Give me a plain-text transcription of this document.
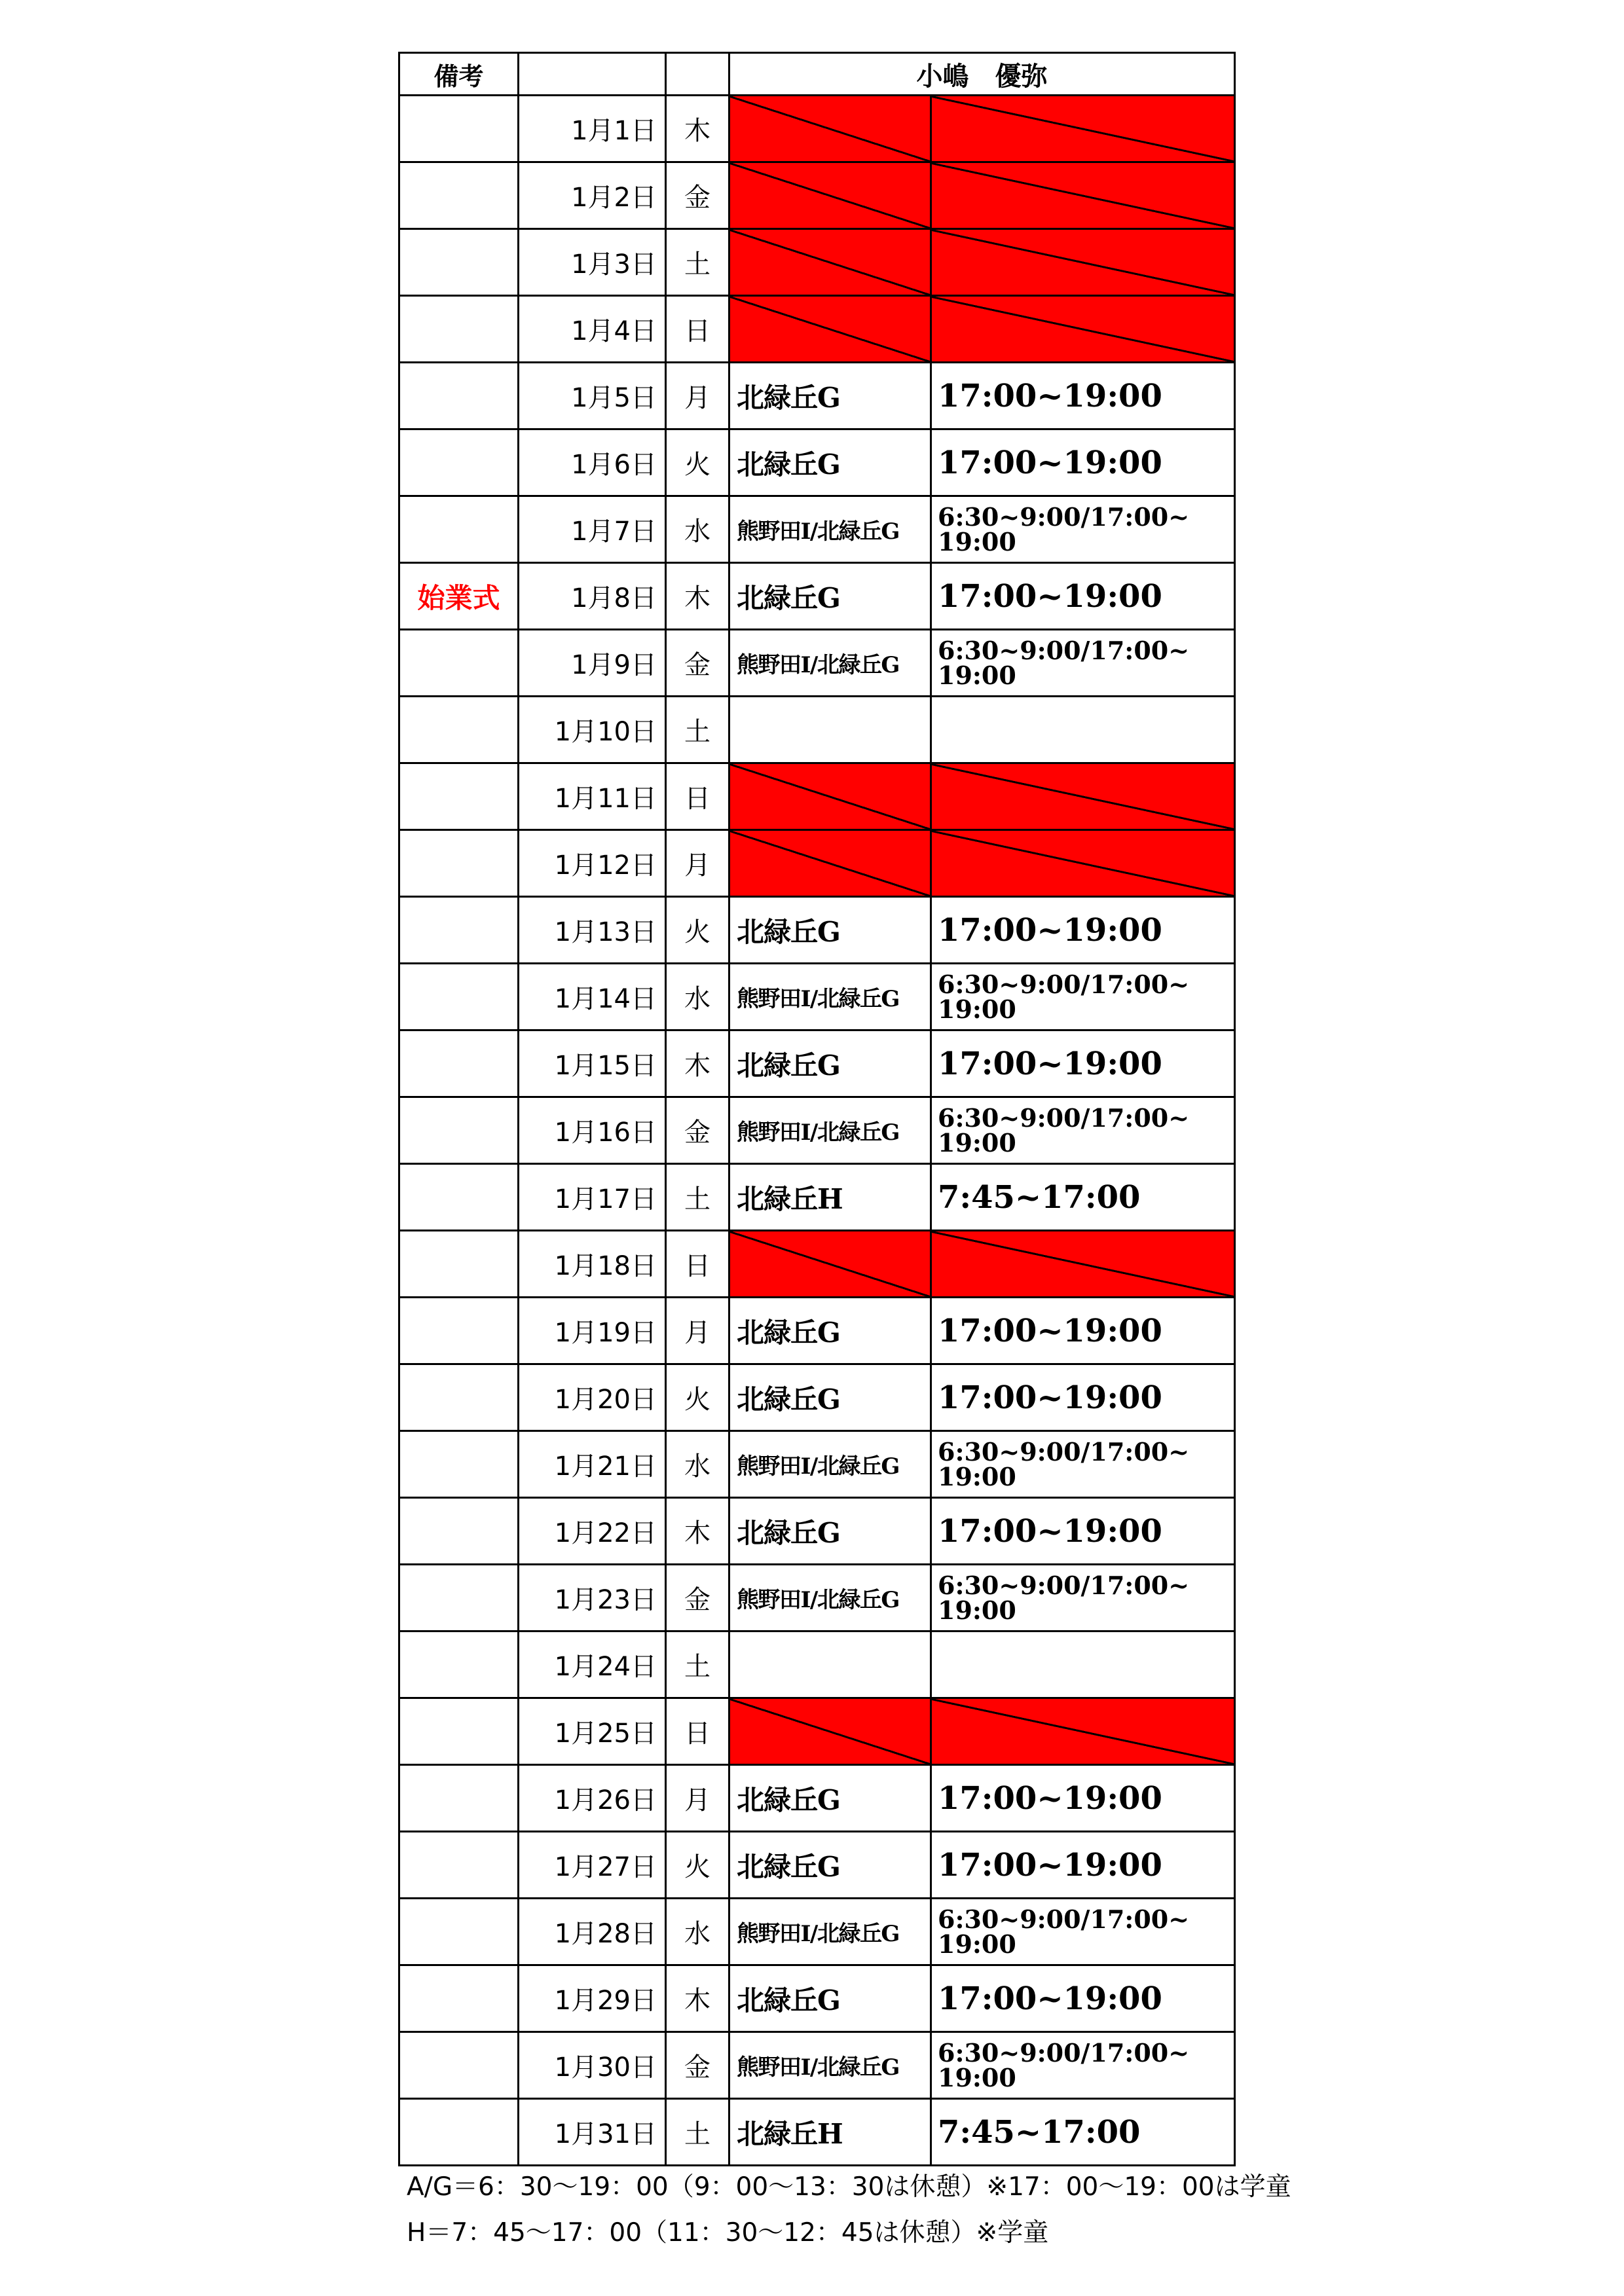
備考	小嶋　優弥
1月1日 木
1月2日 金
1月3日 土
1月4日 日
1月5日 月 北緑丘G	17:00~19:00
1月6日 火 北緑丘G	17:00~19:00
1月7日 水 熊野田I/北緑丘G
6:30~9:00/17:00~
19:00
始業式	1月8日 木 北緑丘G	17:00~19:00
1月9日 金 熊野田I/北緑丘G
6:30~9:00/17:00~
19:00
1月10日 土
1月11日 日
1月12日 月
1月13日 火 北緑丘G	17:00~19:00
1月14日 水 熊野田I/北緑丘G
6:30~9:00/17:00~
19:00
1月15日 木 北緑丘G	17:00~19:00
1月16日 金 熊野田I/北緑丘G
6:30~9:00/17:00~
19:00
1月17日 土 北緑丘H	7:45~17:00
1月18日 日
1月19日 月 北緑丘G	17:00~19:00
1月20日 火 北緑丘G	17:00~19:00
1月21日 水 熊野田I/北緑丘G
6:30~9:00/17:00~
19:00
1月22日 木 北緑丘G	17:00~19:00
1月23日 金 熊野田I/北緑丘G
6:30~9:00/17:00~
19:00
1月24日 土
1月25日 日
1月26日 月 北緑丘G	17:00~19:00
1月27日 火 北緑丘G	17:00~19:00
1月28日 水 熊野田I/北緑丘G
6:30~9:00/17:00~
19:00
1月29日 木 北緑丘G	17:00~19:00
1月30日 金 熊野田I/北緑丘G
6:30~9:00/17:00~
19:00
1月31日 土 北緑丘H	7:45~17:00
A/G＝6：30～19：00（9：00～13：30は休憩）※17：00～19：00は学童
H＝7：45～17：00（11：30～12：45は休憩）※学童
